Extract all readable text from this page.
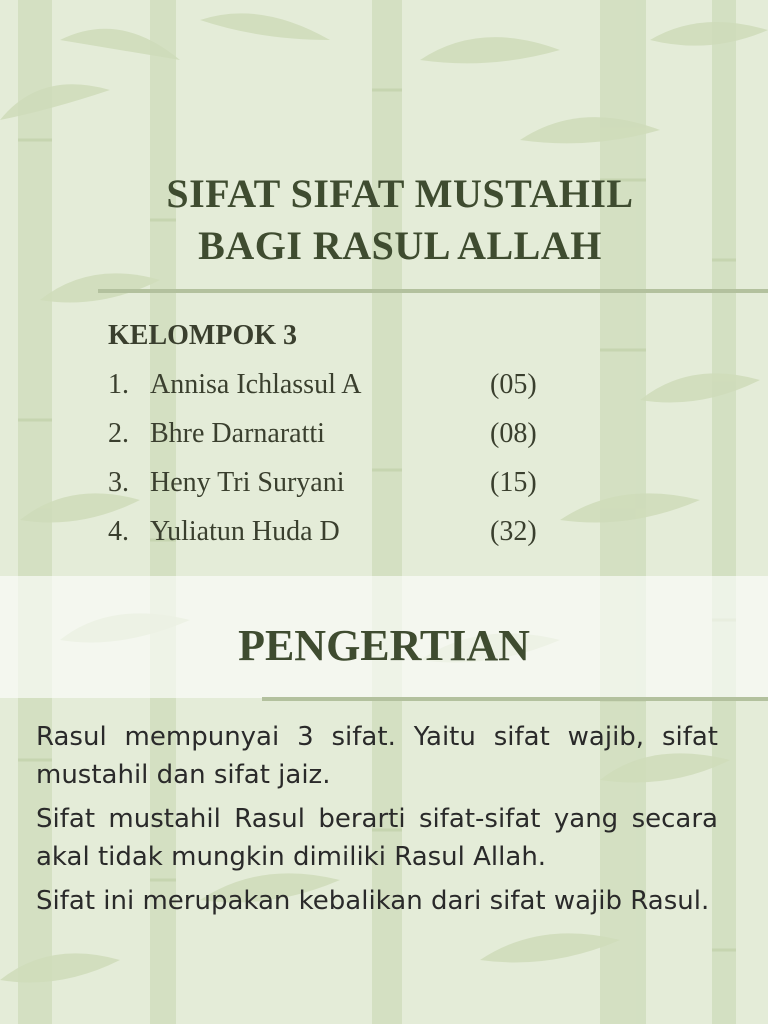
SIFAT SIFAT MUSTAHIL
BAGI RASUL ALLAH
KELOMPOK 3
1. Annisa Ichlassul A	(05)
2. Bhre Darnaratti	(08)
3. Heny Tri Suryani	(15)
4. Yuliatun Huda D	(32)
PENGERTIAN

Rasul mempunyai 3 sifat. Yaitu sifat wajib, sifat mustahil dan sifat jaiz.

Sifat mustahil Rasul berarti sifat-sifat yang secara akal tidak mungkin dimiliki Rasul Allah.

Sifat ini merupakan kebalikan dari sifat wajib Rasul.
